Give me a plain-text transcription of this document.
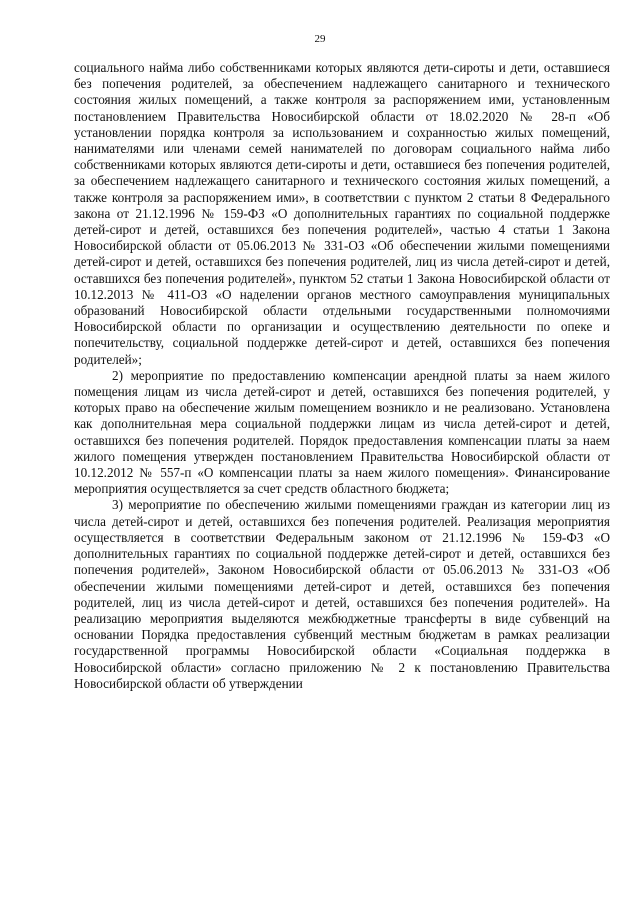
29

социального найма либо собственниками которых являются дети-сироты и дети, оставшиеся без попечения родителей, за обеспечением надлежащего санитарного и технического состояния жилых помещений, а также контроля за распоряжением ими, установленным постановлением Правительства Новосибирской области от 18.02.2020 № 28-п «Об установлении порядка контроля за использованием и сохранностью жилых помещений, нанимателями или членами семей нанимателей по договорам социального найма либо собственниками которых являются дети-сироты и дети, оставшиеся без попечения родителей, за обеспечением надлежащего санитарного и технического состояния жилых помещений, а также контроля за распоряжением ими», в соответствии с пунктом 2 статьи 8 Федерального закона от 21.12.1996 № 159-ФЗ «О дополнительных гарантиях по социальной поддержке детей-сирот и детей, оставшихся без попечения родителей», частью 4 статьи 1 Закона Новосибирской области от 05.06.2013 № 331-ОЗ «Об обеспечении жилыми помещениями детей-сирот и детей, оставшихся без попечения родителей, лиц из числа детей-сирот и детей, оставшихся без попечения родителей», пунктом 52 статьи 1 Закона Новосибирской области от 10.12.2013 № 411-ОЗ «О наделении органов местного самоуправления муниципальных образований Новосибирской области отдельными государственными полномочиями Новосибирской области по организации и осуществлению деятельности по опеке и попечительству, социальной поддержке детей-сирот и детей, оставшихся без попечения родителей»;

2) мероприятие по предоставлению компенсации арендной платы за наем жилого помещения лицам из числа детей-сирот и детей, оставшихся без попечения родителей, у которых право на обеспечение жилым помещением возникло и не реализовано. Установлена как дополнительная мера социальной поддержки лицам из числа детей-сирот и детей, оставшихся без попечения родителей. Порядок предоставления компенсации платы за наем жилого помещения утвержден постановлением Правительства Новосибирской области от 10.12.2012 № 557-п «О компенсации платы за наем жилого помещения». Финансирование мероприятия осуществляется за счет средств областного бюджета;

3) мероприятие по обеспечению жилыми помещениями граждан из категории лиц из числа детей-сирот и детей, оставшихся без попечения родителей. Реализация мероприятия осуществляется в соответствии Федеральным законом от 21.12.1996 № 159-ФЗ «О дополнительных гарантиях по социальной поддержке детей-сирот и детей, оставшихся без попечения родителей», Законом Новосибирской области от 05.06.2013 № 331-ОЗ «Об обеспечении жилыми помещениями детей-сирот и детей, оставшихся без попечения родителей, лиц из числа детей-сирот и детей, оставшихся без попечения родителей». На реализацию мероприятия выделяются межбюджетные трансферты в виде субвенций на основании Порядка предоставления субвенций местным бюджетам в рамках реализации государственной программы Новосибирской области «Социальная поддержка в Новосибирской области» согласно приложению № 2 к постановлению Правительства Новосибирской области об утверждении
